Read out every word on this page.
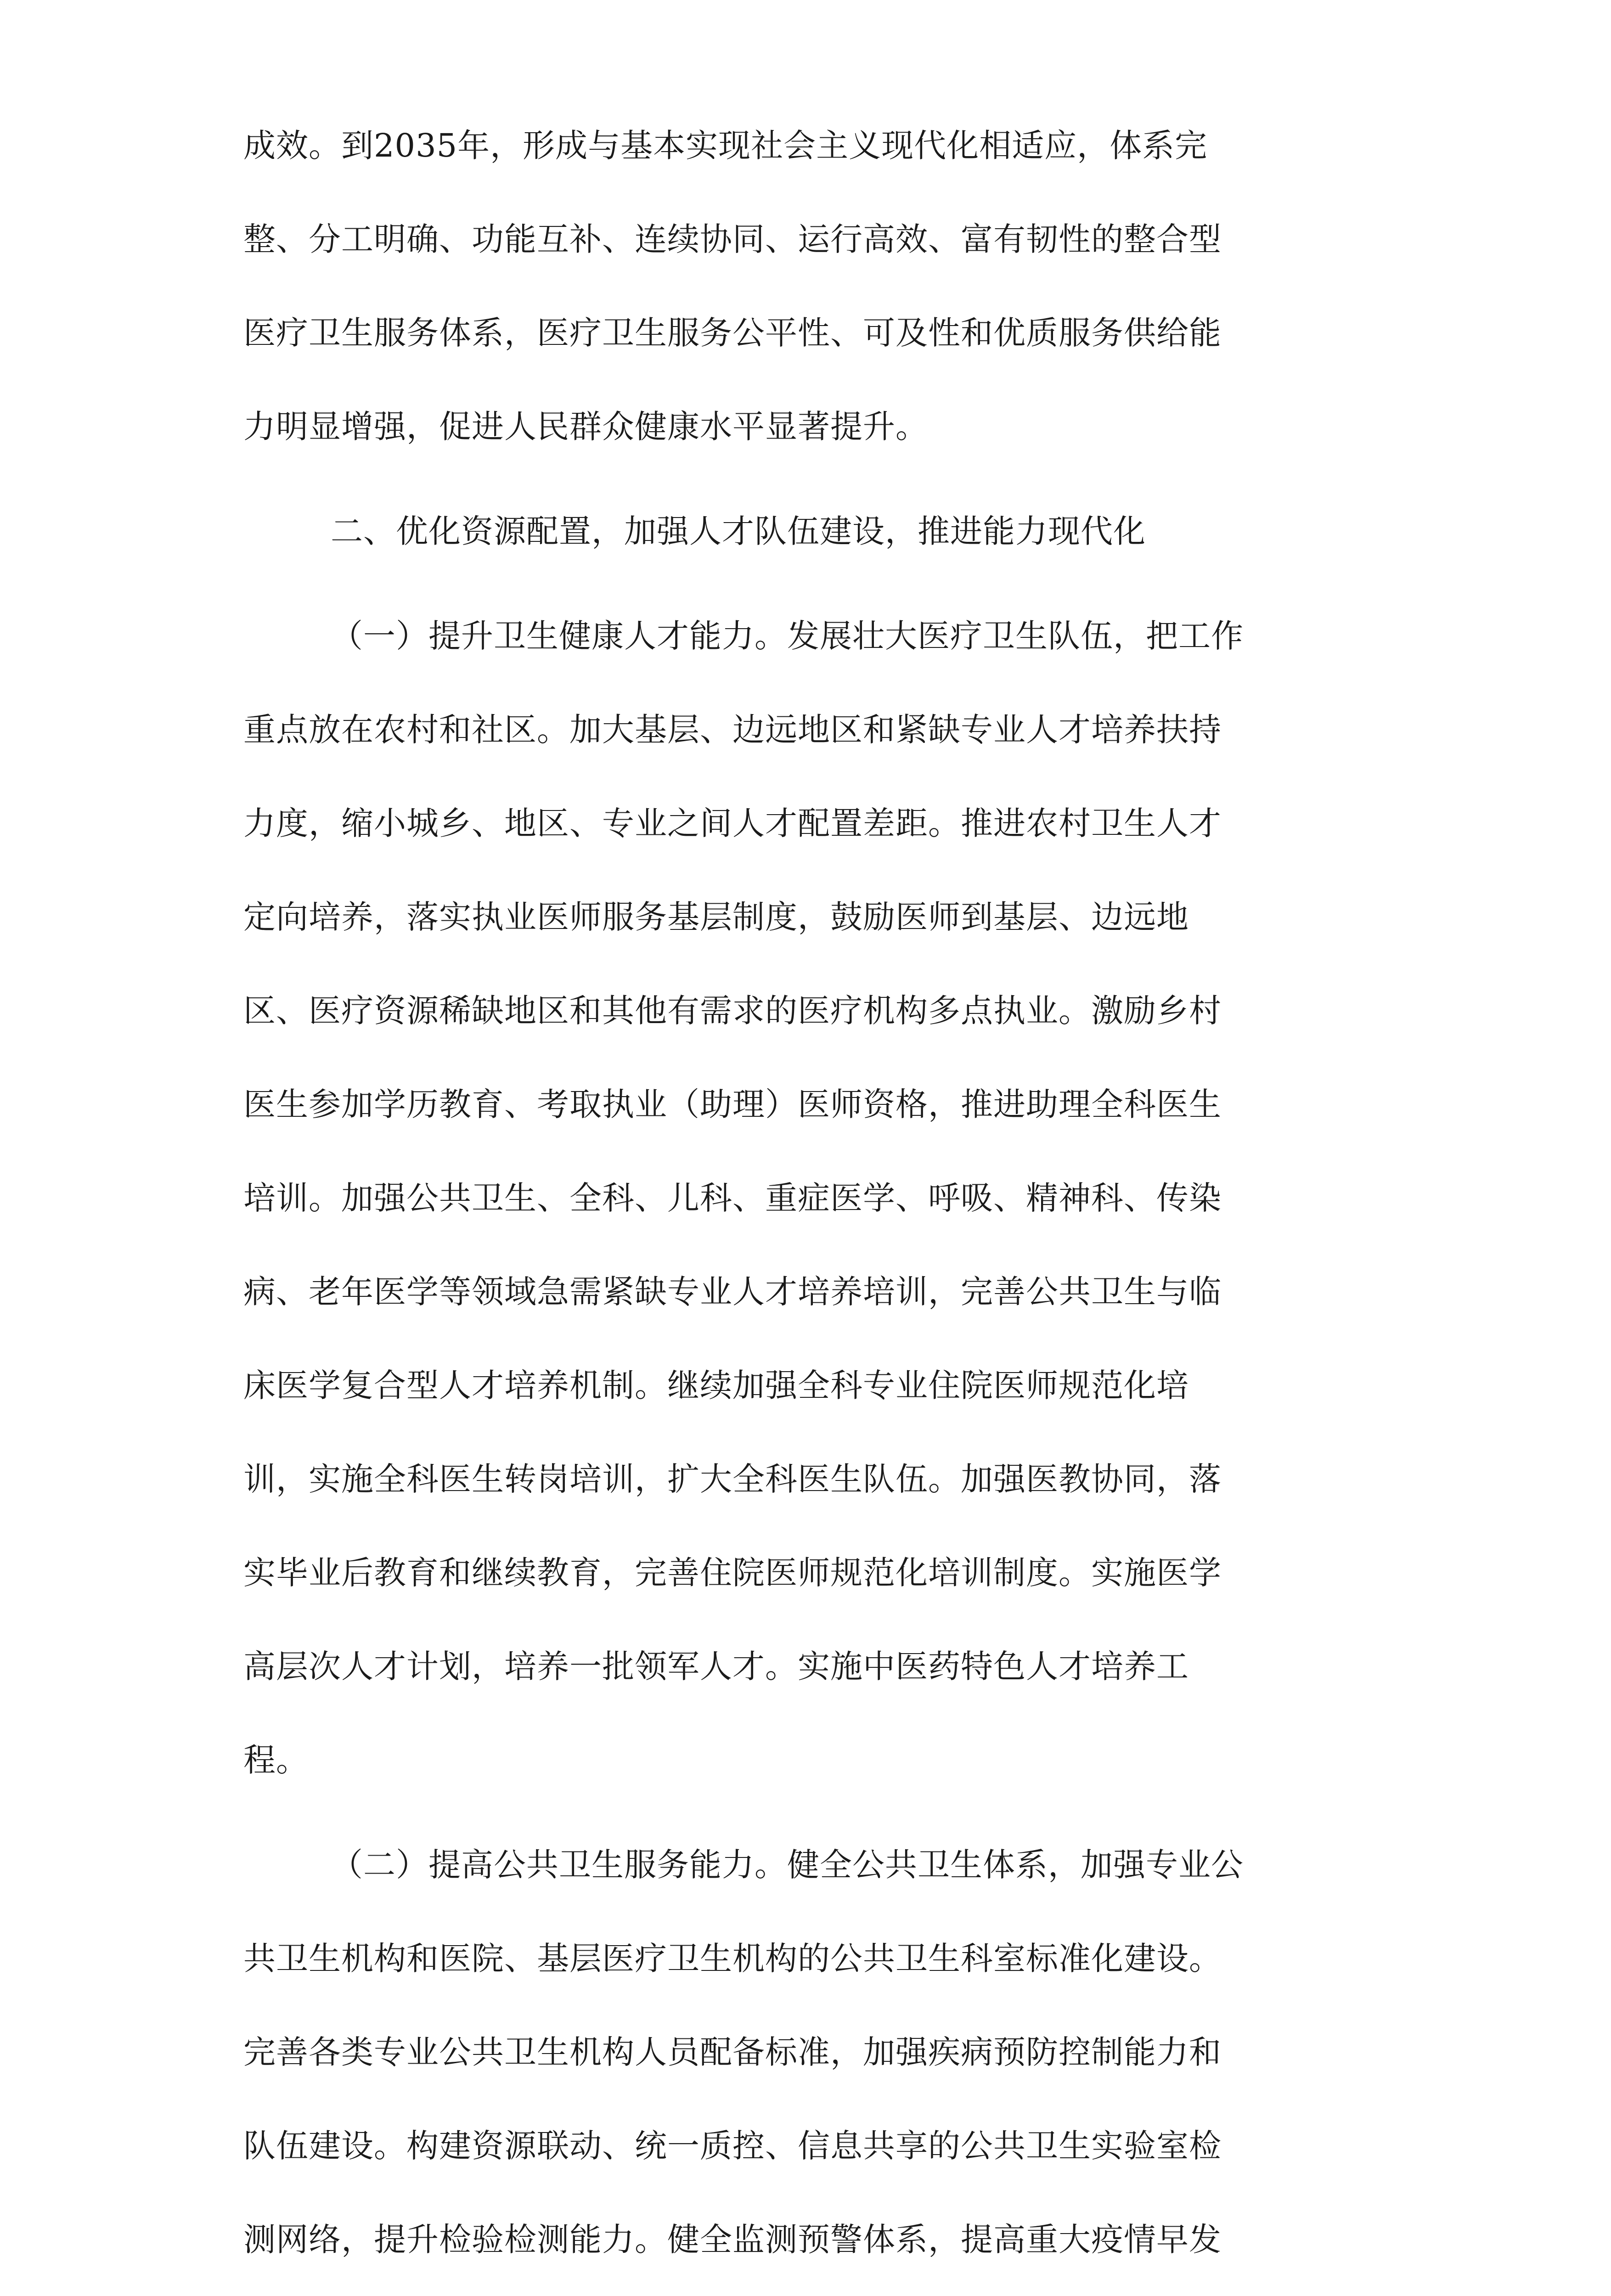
成效。到2035年，形成与基本实现社会主义现代化相适应，体系完
整、分工明确、功能互补、连续协同、运行高效、富有韧性的整合型
医疗卫生服务体系，医疗卫生服务公平性、可及性和优质服务供给能
力明显增强，促进人民群众健康水平显著提升。
二、优化资源配置，加强人才队伍建设，推进能力现代化
（一）提升卫生健康人才能力。发展壮大医疗卫生队伍，把工作
重点放在农村和社区。加大基层、边远地区和紧缺专业人才培养扶持
力度，缩小城乡、地区、专业之间人才配置差距。推进农村卫生人才
定向培养，落实执业医师服务基层制度，鼓励医师到基层、边远地
区、医疗资源稀缺地区和其他有需求的医疗机构多点执业。激励乡村
医生参加学历教育、考取执业（助理）医师资格，推进助理全科医生
培训。加强公共卫生、全科、儿科、重症医学、呼吸、精神科、传染
病、老年医学等领域急需紧缺专业人才培养培训，完善公共卫生与临
床医学复合型人才培养机制。继续加强全科专业住院医师规范化培
训，实施全科医生转岗培训，扩大全科医生队伍。加强医教协同，落
实毕业后教育和继续教育，完善住院医师规范化培训制度。实施医学
高层次人才计划，培养一批领军人才。实施中医药特色人才培养工
程。
（二）提高公共卫生服务能力。健全公共卫生体系，加强专业公
共卫生机构和医院、基层医疗卫生机构的公共卫生科室标准化建设。
完善各类专业公共卫生机构人员配备标准，加强疾病预防控制能力和
队伍建设。构建资源联动、统一质控、信息共享的公共卫生实验室检
测网络，提升检验检测能力。健全监测预警体系，提高重大疫情早发
